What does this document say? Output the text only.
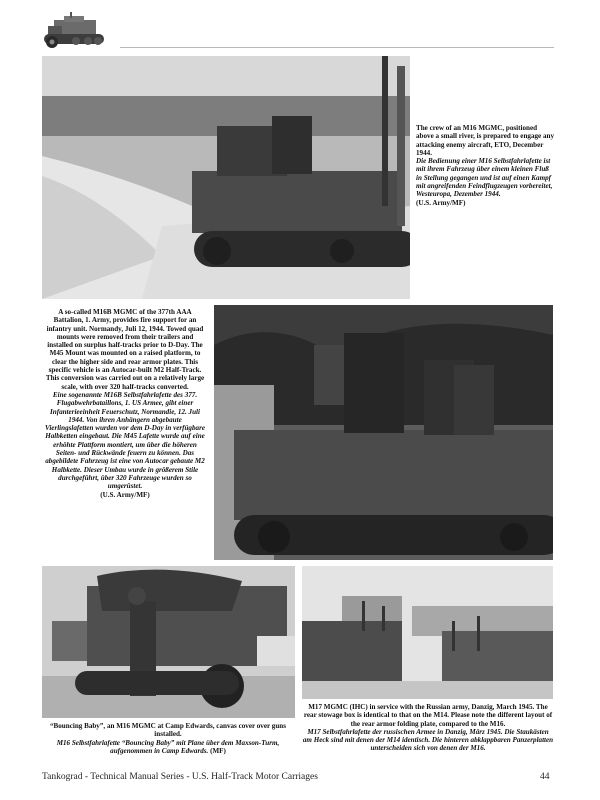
The crew of an M16 MGMC, positioned above a small river, is prepared to engage any attacking enemy aircraft, ETO, December 1944.
Die Bedienung einer M16 Selbstfahrlafette ist mit ihrem Fahrzeug über einem kleinen Fluß in Stellung gegangen und ist auf einen Kampf mit angreifenden Feindflugzeugen vorbereitet, Westeuropa, Dezember 1944.
(U.S. Army/MF)
A so-called M16B MGMC of the 377th AAA Battalion, 1. Army, provides fire support for an infantry unit. Normandy, Juli 12, 1944. Towed quad mounts were removed from their trailers and installed on surplus half-tracks prior to D-Day. The M45 Mount was mounted on a raised platform, to clear the higher side and rear armor plates. This specific vehicle is an Autocar-built M2 Half-Track. This conversion was carried out on a relatively large scale, with over 320 half-tracks converted.
Eine sogenannte M16B Selbstfahrlafette des 377. Flugabwehrbataillons, 1. US Armee, gibt einer Infanterieeinheit Feuerschutz, Normandie, 12. Juli 1944. Von ihren Anhängern abgebaute Vierlingslafetten wurden vor dem D-Day in verfügbare Halbketten eingebaut. Die M45 Lafette wurde auf eine erhöhte Plattform montiert, um über die höheren Seiten- und Rückwände feuern zu können. Das abgebildete Fahrzeug ist eine von Autocar gebaute M2 Halbkette. Dieser Umbau wurde in größerem Stile durchgeführt, über 320 Fahrzeuge wurden so umgerüstet.
(U.S. Army/MF)
“Bouncing Baby”, an M16 MGMC at Camp Edwards, canvas cover over guns installed.
M16 Selbstfahrlafette “Bouncing Baby” mit Plane über dem Maxson-Turm, aufgenommen in Camp Edwards. (MF)
M17 MGMC (IHC) in service with the Russian army, Danzig, March 1945. The rear stowage box is identical to that on the M14. Please note the different layout of the rear armor folding plate, compared to the M16.
M17 Selbstfahrlafette der russischen Armee in Danzig, März 1945. Die Staukästen am Heck sind mit denen der M14 identisch. Die hinteren abklappbaren Panzerplatten unterscheiden sich von denen der M16.
Tankograd - Technical Manual Series - U.S. Half-Track Motor Carriages	44
